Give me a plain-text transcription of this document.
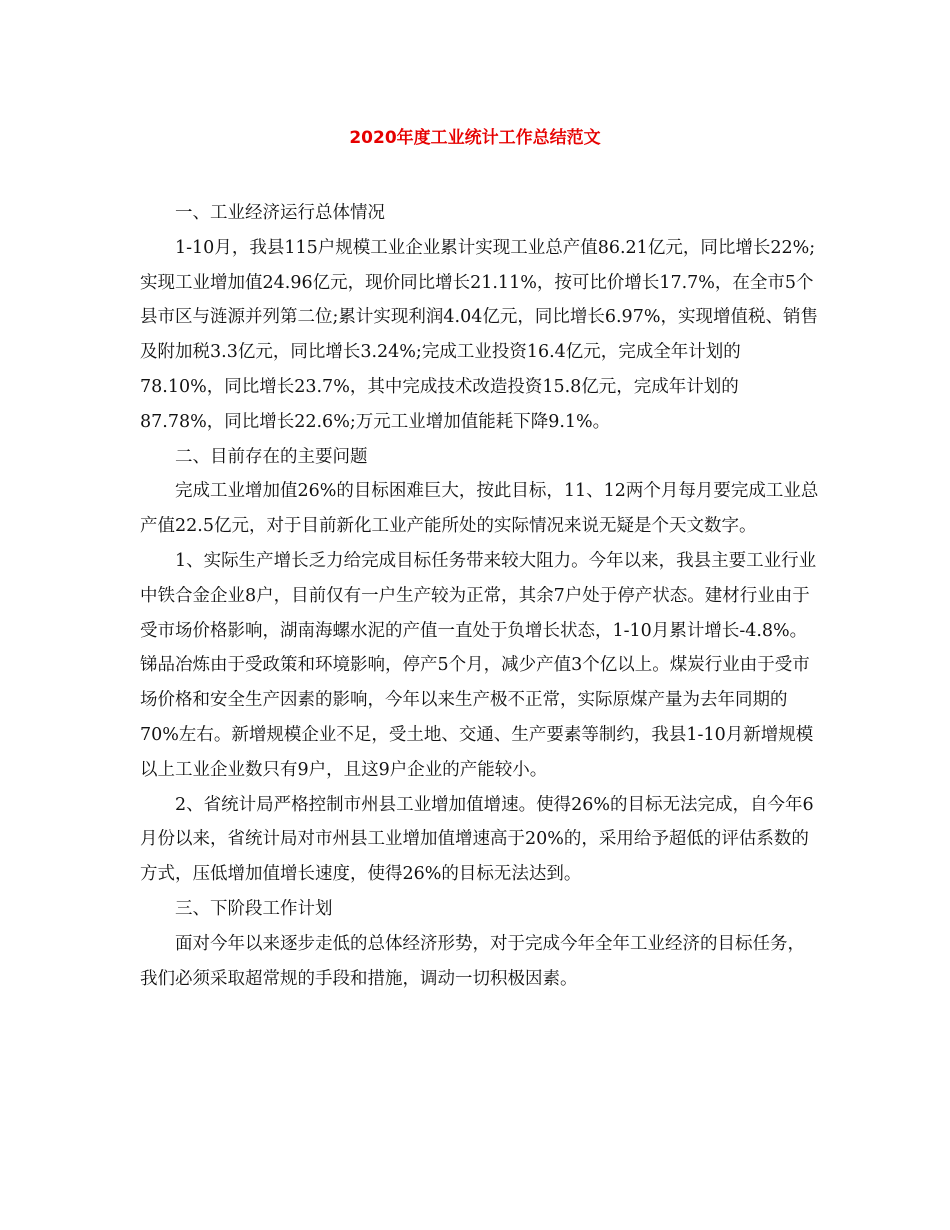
2020年度工业统计工作总结范文

一、工业经济运行总体情况

1-10月，我县115户规模工业企业累计实现工业总产值86.21亿元，同比增长22%;实现工业增加值24.96亿元，现价同比增长21.11%，按可比价增长17.7%，在全市5个县市区与涟源并列第二位;累计实现利润4.04亿元，同比增长6.97%，实现增值税、销售及附加税3.3亿元，同比增长3.24%;完成工业投资16.4亿元，完成全年计划的78.10%，同比增长23.7%，其中完成技术改造投资15.8亿元，完成年计划的87.78%，同比增长22.6%;万元工业增加值能耗下降9.1%。

二、目前存在的主要问题

完成工业增加值26%的目标困难巨大，按此目标，11、12两个月每月要完成工业总产值22.5亿元，对于目前新化工业产能所处的实际情况来说无疑是个天文数字。

1、实际生产增长乏力给完成目标任务带来较大阻力。今年以来，我县主要工业行业中铁合金企业8户，目前仅有一户生产较为正常，其余7户处于停产状态。建材行业由于受市场价格影响，湖南海螺水泥的产值一直处于负增长状态，1-10月累计增长-4.8%。锑品冶炼由于受政策和环境影响，停产5个月，减少产值3个亿以上。煤炭行业由于受市场价格和安全生产因素的影响，今年以来生产极不正常，实际原煤产量为去年同期的70%左右。新增规模企业不足，受土地、交通、生产要素等制约，我县1-10月新增规模以上工业企业数只有9户，且这9户企业的产能较小。

2、省统计局严格控制市州县工业增加值增速。使得26%的目标无法完成，自今年6月份以来，省统计局对市州县工业增加值增速高于20%的，采用给予超低的评估系数的方式，压低增加值增长速度，使得26%的目标无法达到。

三、下阶段工作计划

面对今年以来逐步走低的总体经济形势，对于完成今年全年工业经济的目标任务，我们必须采取超常规的手段和措施，调动一切积极因素。
